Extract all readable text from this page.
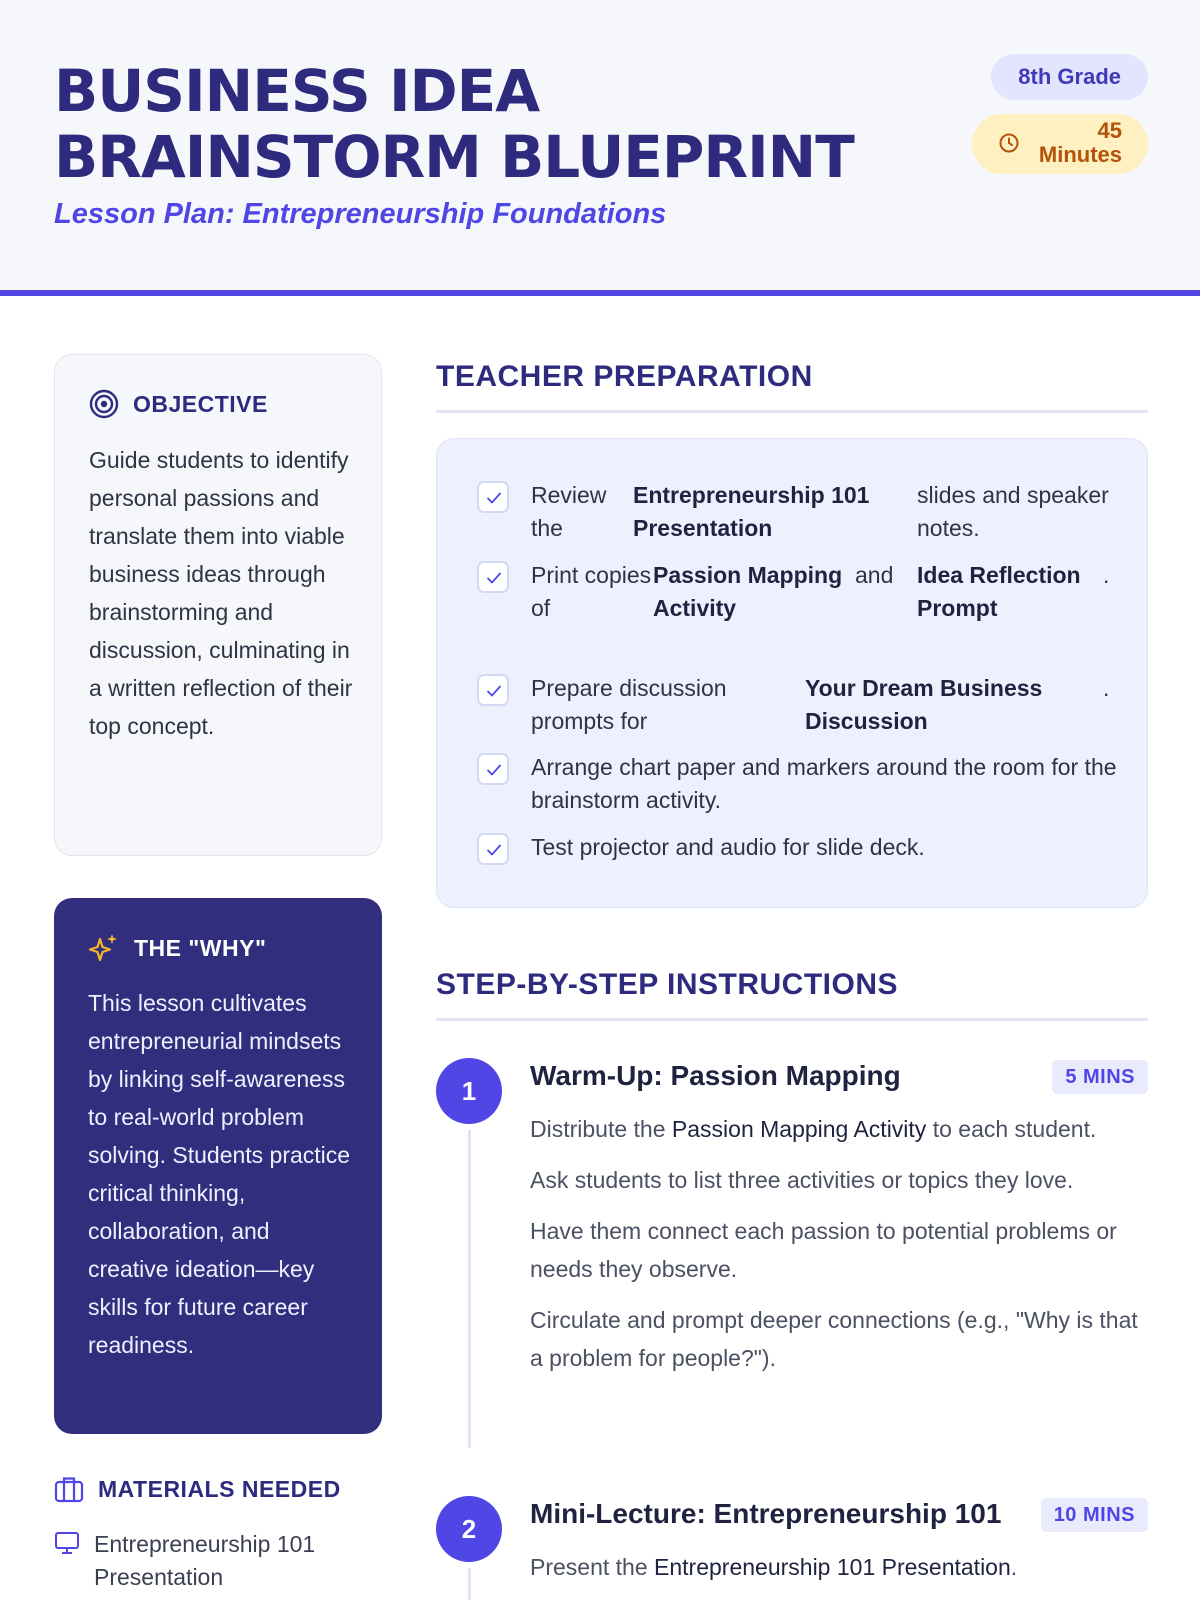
BUSINESS IDEA
BRAINSTORM BLUEPRINT
Lesson Plan: Entrepreneurship Foundations
8th Grade
45
Minutes
OBJECTIVE
Guide students to identify personal passions and translate them into viable business ideas through brainstorming and discussion, culminating in a written reflection of their top concept.
THE "WHY"
This lesson cultivates entrepreneurial mindsets by linking self-awareness to real-world problem solving. Students practice critical thinking, collaboration, and creative ideation—key skills for future career readiness.
MATERIALS NEEDED
Entrepreneurship 101 Presentation
TEACHER PREPARATION
Review the
Entrepreneurship 101 Presentation
slides and speaker notes.
Print copies of
Passion Mapping Activity
and	Idea Reflection Prompt
.
Prepare discussion prompts for
Your Dream Business Discussion
.
Arrange chart paper and markers around the room for the brainstorm activity.
Test projector and audio for slide deck.
STEP-BY-STEP INSTRUCTIONS
1	Warm-Up: Passion Mapping	5 MINS

Distribute the Passion Mapping Activity to each student.

Ask students to list three activities or topics they love.

Have them connect each passion to potential problems or needs they observe.

Circulate and prompt deeper connections (e.g., "Why is that a problem for people?").

2	Mini-Lecture: Entrepreneurship 101	10 MINS

Present the Entrepreneurship 101 Presentation.
